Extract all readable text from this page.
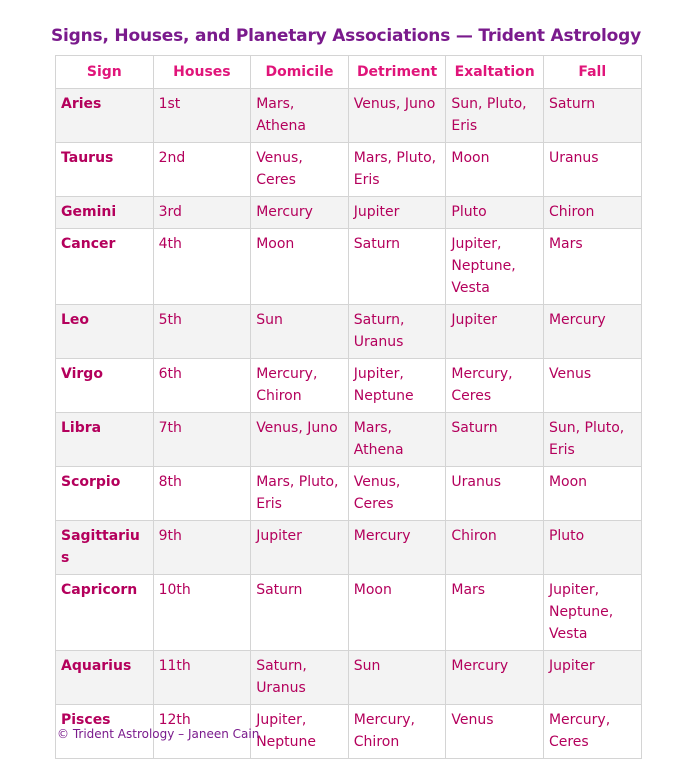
Signs, Houses, and Planetary Associations — Trident Astrology
Sign	Houses	Domicile	Detriment	Exaltation	Fall
Aries	1st	Mars, Athena	Venus, Juno	Sun, Pluto, Eris	Saturn
Taurus	2nd	Venus, Ceres	Mars, Pluto, Eris	Moon	Uranus
Gemini	3rd	Mercury	Jupiter	Pluto	Chiron
Cancer	4th	Moon	Saturn	Jupiter, Neptune, Vesta	Mars
Leo	5th	Sun	Saturn, Uranus	Jupiter	Mercury
Virgo	6th	Mercury, Chiron	Jupiter, Neptune	Mercury, Ceres	Venus
Libra	7th	Venus, Juno	Mars, Athena	Saturn	Sun, Pluto, Eris
Scorpio	8th	Mars, Pluto, Eris	Venus, Ceres	Uranus	Moon
Sagittarius	9th	Jupiter	Mercury	Chiron	Pluto
Capricorn	10th	Saturn	Moon	Mars	Jupiter, Neptune, Vesta
Aquarius	11th	Saturn, Uranus	Sun	Mercury	Jupiter
Pisces	12th	Jupiter, Neptune	Mercury, Chiron	Venus	Mercury, Ceres
© Trident Astrology – Janeen Cain
